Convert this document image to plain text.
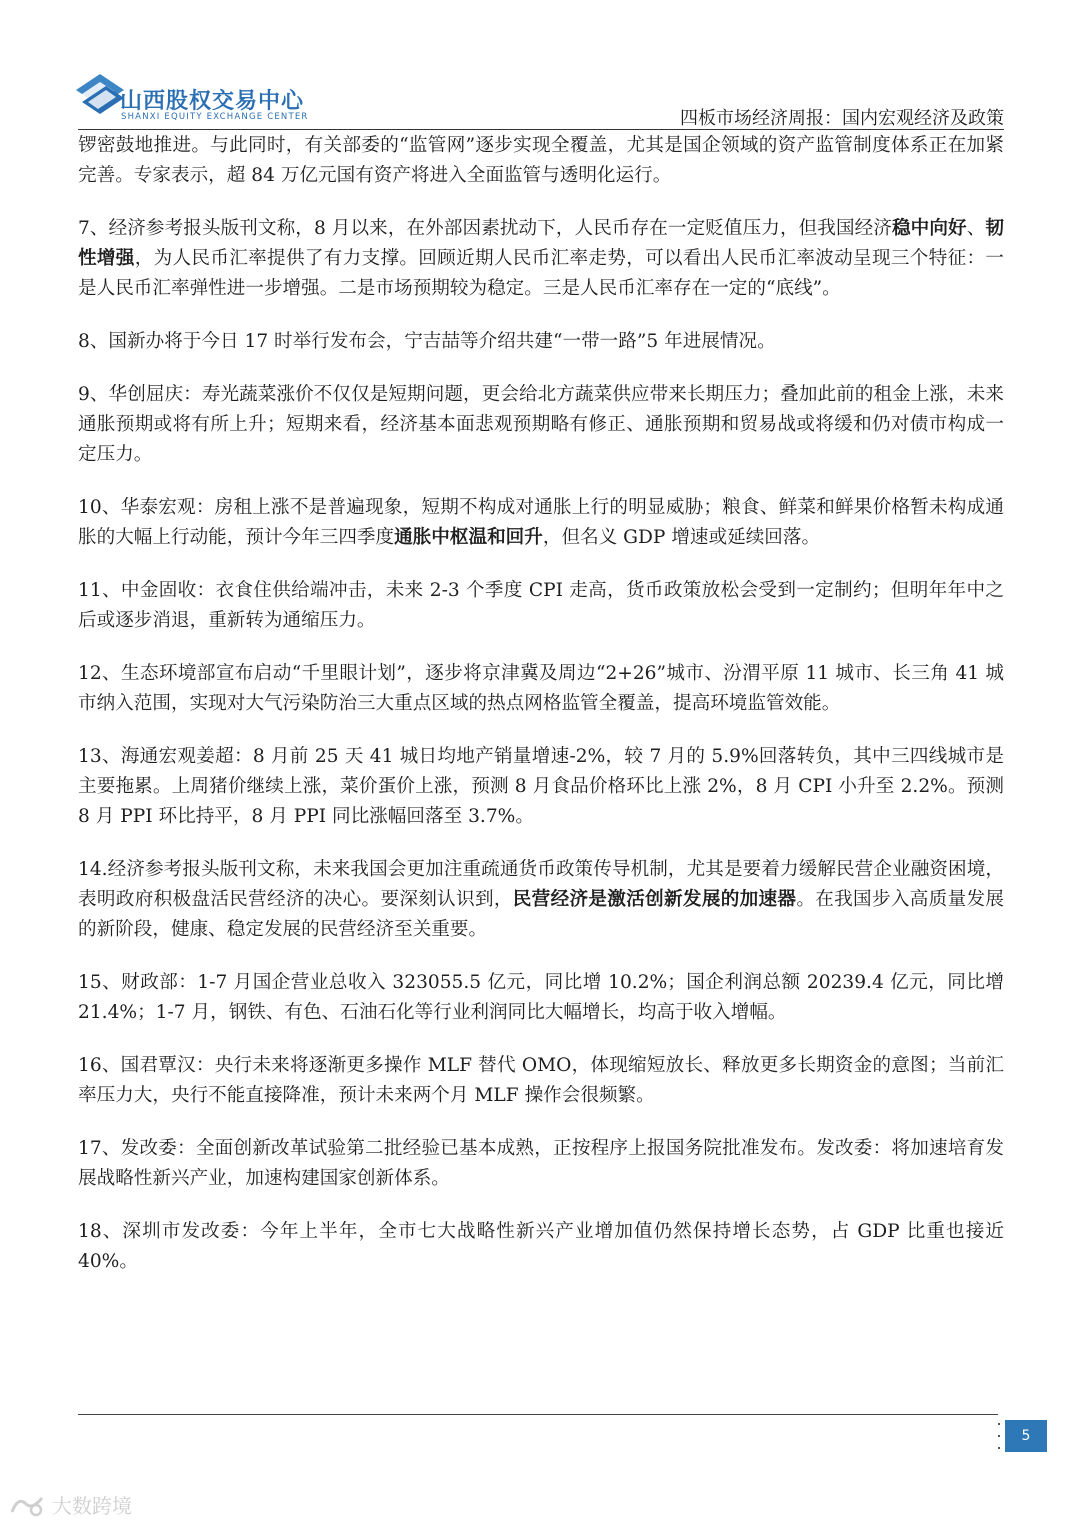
山西股权交易中心
SHANXI EQUITY EXCHANGE CENTER	四板市场经济周报：国内宏观经济及政策

锣密鼓地推进。与此同时，有关部委的“监管网”逐步实现全覆盖，尤其是国企领域的资产监管制度体系正在加紧完善。专家表示，超 84 万亿元国有资产将进入全面监管与透明化运行。

7、经济参考报头版刊文称，8 月以来，在外部因素扰动下，人民币存在一定贬值压力，但我国经济稳中向好、韧性增强，为人民币汇率提供了有力支撑。回顾近期人民币汇率走势，可以看出人民币汇率波动呈现三个特征：一是人民币汇率弹性进一步增强。二是市场预期较为稳定。三是人民币汇率存在一定的“底线”。

8、国新办将于今日 17 时举行发布会，宁吉喆等介绍共建“一带一路”5 年进展情况。

9、华创屈庆：寿光蔬菜涨价不仅仅是短期问题，更会给北方蔬菜供应带来长期压力；叠加此前的租金上涨，未来通胀预期或将有所上升；短期来看，经济基本面悲观预期略有修正、通胀预期和贸易战或将缓和仍对债市构成一定压力。

10、华泰宏观：房租上涨不是普遍现象，短期不构成对通胀上行的明显威胁；粮食、鲜菜和鲜果价格暂未构成通胀的大幅上行动能，预计今年三四季度通胀中枢温和回升，但名义 GDP 增速或延续回落。

11、中金固收：衣食住供给端冲击，未来 2-3 个季度 CPI 走高，货币政策放松会受到一定制约；但明年年中之后或逐步消退，重新转为通缩压力。

12、生态环境部宣布启动“千里眼计划”，逐步将京津冀及周边“2+26”城市、汾渭平原 11 城市、长三角 41 城市纳入范围，实现对大气污染防治三大重点区域的热点网格监管全覆盖，提高环境监管效能。

13、海通宏观姜超：8 月前 25 天 41 城日均地产销量增速-2%，较 7 月的 5.9%回落转负，其中三四线城市是主要拖累。上周猪价继续上涨，菜价蛋价上涨，预测 8 月食品价格环比上涨 2%，8 月 CPI 小升至 2.2%。预测 8 月 PPI 环比持平，8 月 PPI 同比涨幅回落至 3.7%。

14.经济参考报头版刊文称，未来我国会更加注重疏通货币政策传导机制，尤其是要着力缓解民营企业融资困境，表明政府积极盘活民营经济的决心。要深刻认识到，民营经济是激活创新发展的加速器。在我国步入高质量发展的新阶段，健康、稳定发展的民营经济至关重要。

15、财政部：1-7 月国企营业总收入 323055.5 亿元，同比增 10.2%；国企利润总额 20239.4 亿元，同比增 21.4%；1-7 月，钢铁、有色、石油石化等行业利润同比大幅增长，均高于收入增幅。

16、国君覃汉：央行未来将逐渐更多操作 MLF 替代 OMO，体现缩短放长、释放更多长期资金的意图；当前汇率压力大，央行不能直接降准，预计未来两个月 MLF 操作会很频繁。

17、发改委：全面创新改革试验第二批经验已基本成熟，正按程序上报国务院批准发布。发改委：将加速培育发展战略性新兴产业，加速构建国家创新体系。

18、深圳市发改委：今年上半年，全市七大战略性新兴产业增加值仍然保持增长态势，占 GDP 比重也接近 40%。

5
大数跨境
